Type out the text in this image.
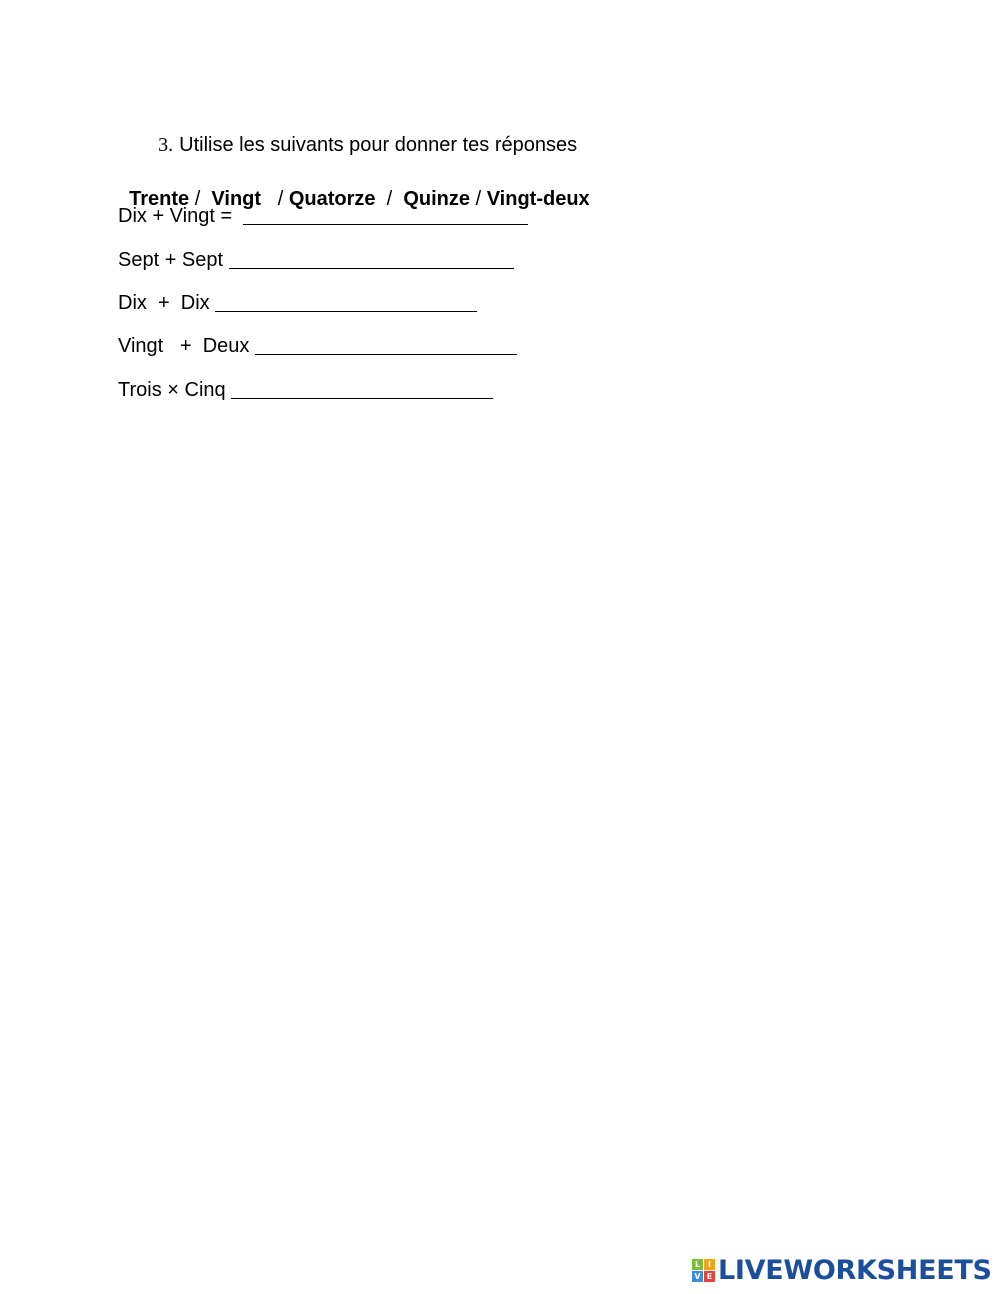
3. Utilise les suivants pour donner tes réponses

Trente / Vingt / Quatorze / Quinze / Vingt-deux

Dix + Vingt =
Sept + Sept
Dix  +  Dix
Vingt   +  Deux
Trois × Cinq
L I
V E LIVEWORKSHEETS
